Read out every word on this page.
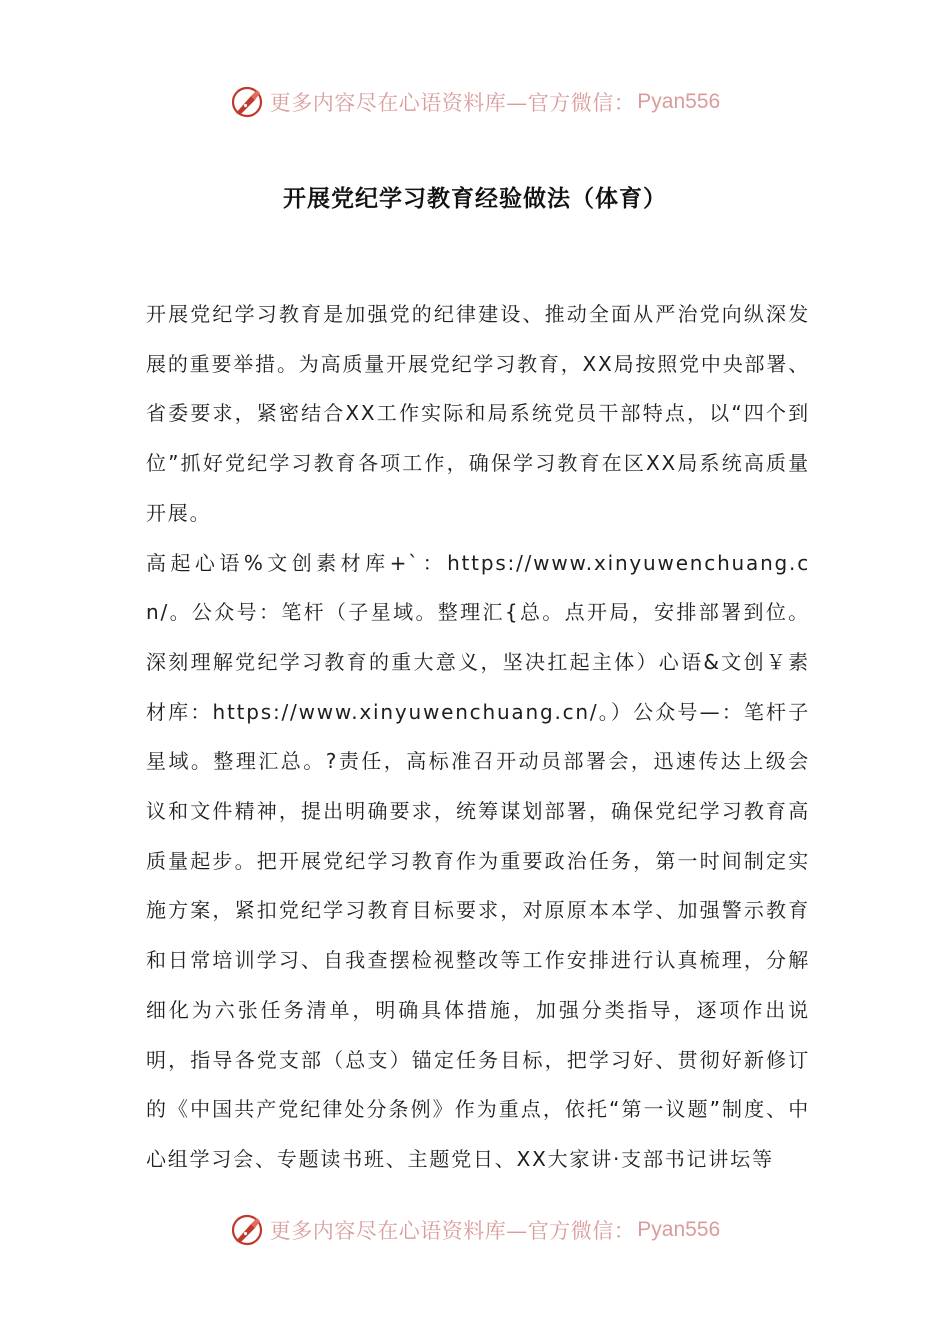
更多内容尽在心语资料库—官方微信： Pyan556
开展党纪学习教育经验做法（体育）

开展党纪学习教育是加强党的纪律建设、推动全面从严治党向纵深发展的重要举措。为高质量开展党纪学习教育，XX局按照党中央部署、省委要求，紧密结合XX工作实际和局系统党员干部特点，以“四个到位”抓好党纪学习教育各项工作，确保学习教育在区XX局系统高质量开展。

高起心语%文创素材库+`：https://www.xinyuwenchuang.cn/。公众号：笔杆（子星域。整理汇{总。点开局，安排部署到位。深刻理解党纪学习教育的重大意义，坚决扛起主体）心语&文创￥素材库：https://www.xinyuwenchuang.cn/。）公众号—：笔杆子星域。整理汇总。?责任，高标准召开动员部署会，迅速传达上级会议和文件精神，提出明确要求，统筹谋划部署，确保党纪学习教育高质量起步。把开展党纪学习教育作为重要政治任务，第一时间制定实施方案，紧扣党纪学习教育目标要求，对原原本本学、加强警示教育和日常培训学习、自我查摆检视整改等工作安排进行认真梳理，分解细化为六张任务清单，明确具体措施，加强分类指导，逐项作出说明，指导各党支部（总支）锚定任务目标，把学习好、贯彻好新修订的《中国共产党纪律处分条例》作为重点，依托“第一议题”制度、中心组学习会、专题读书班、主题党日、XX大家讲·支部书记讲坛等

更多内容尽在心语资料库—官方微信： Pyan556
